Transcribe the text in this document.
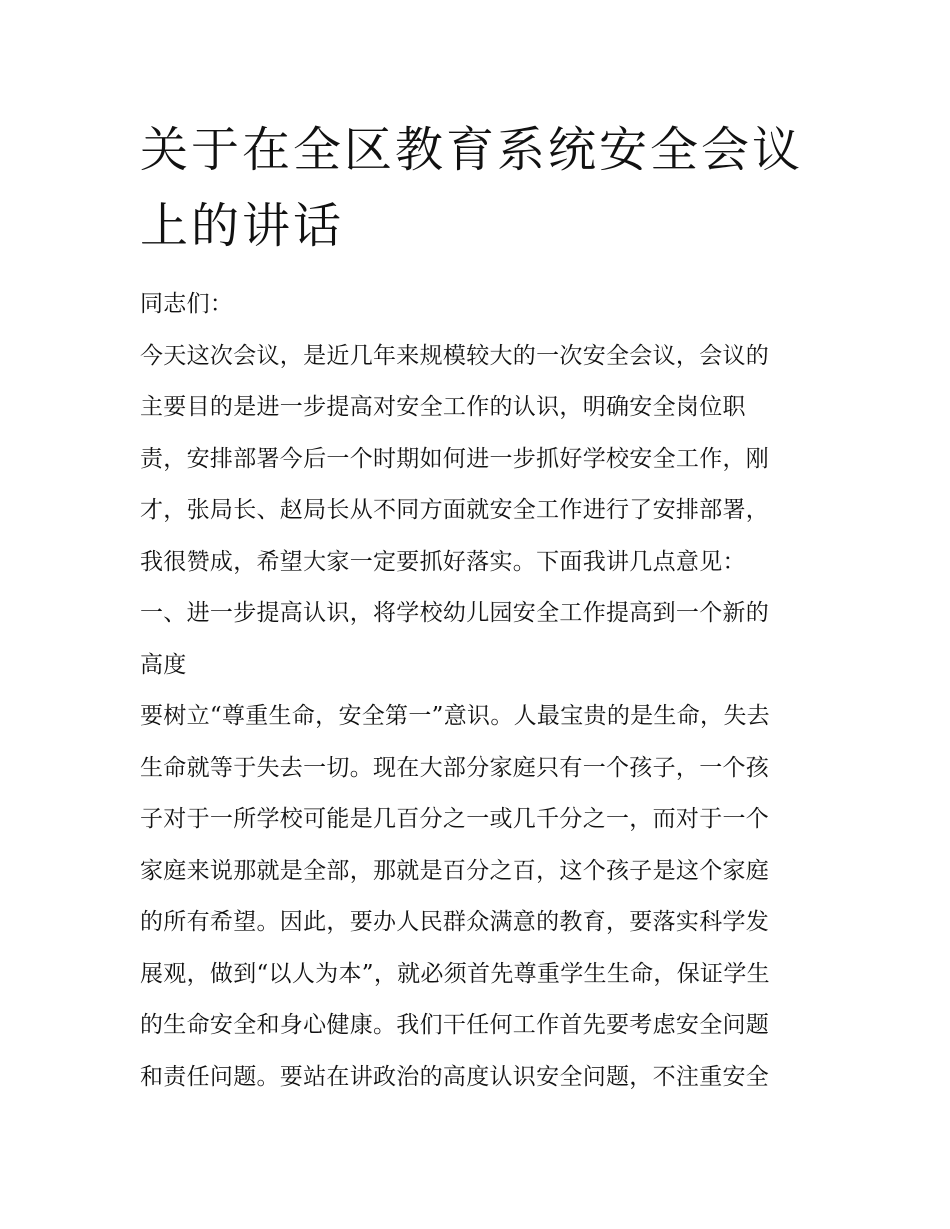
关于在全区教育系统安全会议
上的讲话
同志们：
今天这次会议，是近几年来规模较大的一次安全会议，会议的
主要目的是进一步提高对安全工作的认识，明确安全岗位职
责，安排部署今后一个时期如何进一步抓好学校安全工作，刚
才，张局长、赵局长从不同方面就安全工作进行了安排部署，
我很赞成，希望大家一定要抓好落实。下面我讲几点意见：
一、进一步提高认识，将学校幼儿园安全工作提高到一个新的
高度
要树立“尊重生命，安全第一”意识。人最宝贵的是生命，失去
生命就等于失去一切。现在大部分家庭只有一个孩子，一个孩
子对于一所学校可能是几百分之一或几千分之一，而对于一个
家庭来说那就是全部，那就是百分之百，这个孩子是这个家庭
的所有希望。因此，要办人民群众满意的教育，要落实科学发
展观，做到“以人为本”，就必须首先尊重学生生命，保证学生
的生命安全和身心健康。我们干任何工作首先要考虑安全问题
和责任问题。要站在讲政治的高度认识安全问题，不注重安全
